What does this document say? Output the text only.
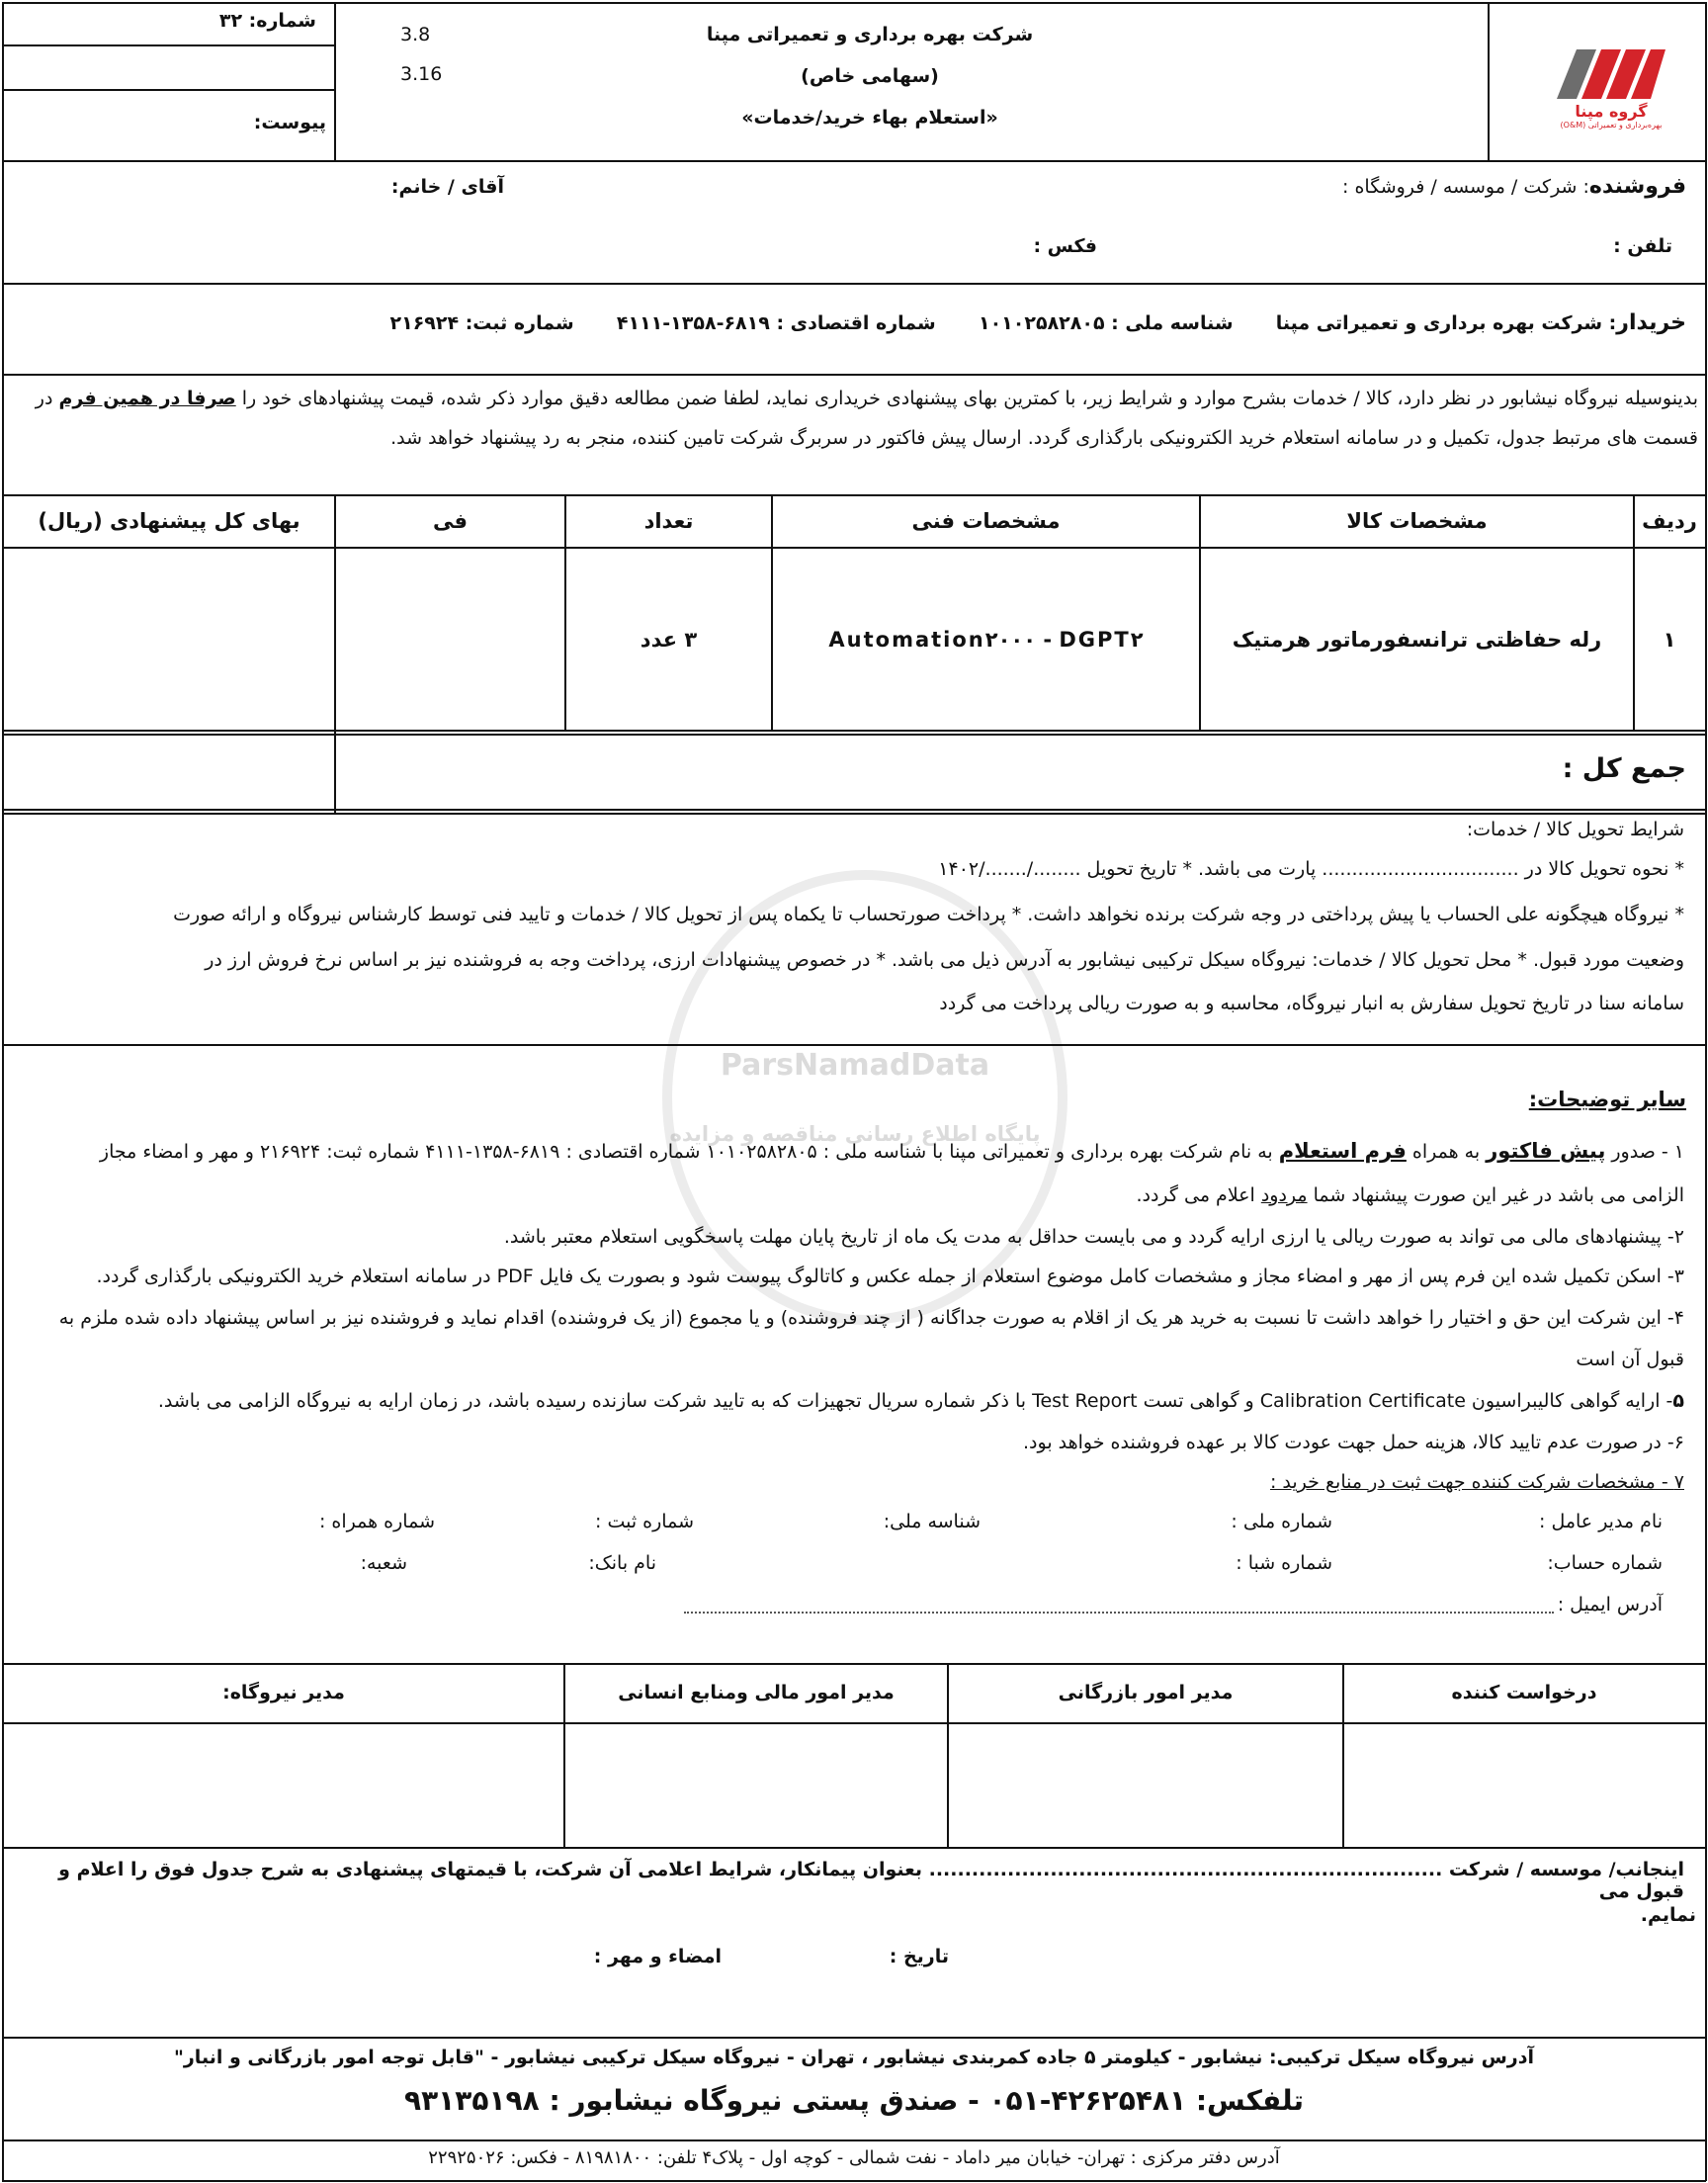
ParsNamadData
پایگاه اطلاع رسانی مناقصه و مزایده
شماره: ۳۲
پیوست:
3.8
3.16
شرکت بهره برداری و تعمیراتی مپنا
(سهامی خاص)
«استعلام بهاء خرید/خدمات»	گروه مپنا
بهره‌برداری و تعمیراتی (O&M)
فروشنده: شرکت / موسسه / فروشگاه :
آقای / خانم:
تلفن :
فکس :
خریدار: شرکت بهره برداری و تعمیراتی مپنا  شناسه ملی : ۱۰۱۰۲۵۸۲۸۰۵  شماره اقتصادی : ۶۸۱۹-۱۳۵۸-۴۱۱۱  شماره ثبت: ۲۱۶۹۲۴
بدینوسیله نیروگاه نیشابور در نظر دارد، کالا / خدمات بشرح موارد و شرایط زیر، با کمترین بهای پیشنهادی خریداری نماید، لطفا ضمن مطالعه دقیق موارد ذکر شده، قیمت پیشنهادهای خود را صرفا در همین فرم در
قسمت های مرتبط جدول، تکمیل و در سامانه استعلام خرید الکترونیکی بارگذاری گردد. ارسال پیش فاکتور در سربرگ شرکت تامین کننده، منجر به رد پیشنهاد خواهد شد.
ردیف
مشخصات کالا
مشخصات فنی
تعداد
فی
بهای کل پیشنهادی (ریال)
۱
رله حفاظتی ترانسفورماتور هرمتیک
Automation۲۰۰۰ - DGPT۲
۳ عدد
جمع کل :
شرایط تحویل کالا / خدمات:
* نحوه تحویل کالا در ................................. پارت می باشد. * تاریخ تحویل ......../......./۱۴۰۲
* نیروگاه هیچگونه علی الحساب یا پیش پرداختی در وجه شرکت برنده نخواهد داشت. * پرداخت صورتحساب تا یکماه پس از تحویل کالا / خدمات و تایید فنی توسط کارشناس نیروگاه و ارائه صورت
وضعیت مورد قبول. * محل تحویل کالا / خدمات: نیروگاه سیکل ترکیبی نیشابور به آدرس ذیل می باشد. * در خصوص پیشنهادات ارزی، پرداخت وجه به فروشنده نیز بر اساس نرخ فروش ارز در
سامانه سنا در تاریخ تحویل سفارش به انبار نیروگاه، محاسبه و به صورت ریالی پرداخت می گردد
سایر توضیحات:
۱ - صدور پیش فاکتور به همراه فرم استعلام به نام شرکت بهره برداری و تعمیراتی مپنا با شناسه ملی : ۱۰۱۰۲۵۸۲۸۰۵ شماره اقتصادی : ۶۸۱۹-۱۳۵۸-۴۱۱۱ شماره ثبت: ۲۱۶۹۲۴ و مهر و امضاء مجاز
الزامی می باشد در غیر این صورت پیشنهاد شما مردود اعلام می گردد.
۲- پیشنهادهای مالی می تواند به صورت ریالی یا ارزی ارایه گردد و می بایست حداقل به مدت یک ماه از تاریخ پایان مهلت پاسخگویی استعلام معتبر باشد.
۳- اسکن تکمیل شده این فرم پس از مهر و امضاء مجاز و مشخصات کامل موضوع استعلام از جمله عکس و کاتالوگ پیوست شود و بصورت یک فایل PDF در سامانه استعلام خرید الکترونیکی بارگذاری گردد.
۴- این شرکت این حق و اختیار را خواهد داشت تا نسبت به خرید هر یک از اقلام به صورت جداگانه ( از چند فروشنده) و یا مجموع (از یک فروشنده) اقدام نماید و فروشنده نیز بر اساس پیشنهاد داده شده ملزم به
قبول آن است
۵- ارایه گواهی کالیبراسیون Calibration Certificate و گواهی تست Test Report با ذکر شماره سریال تجهیزات که به تایید شرکت سازنده رسیده باشد، در زمان ارایه به نیروگاه الزامی می باشد.
۶- در صورت عدم تایید کالا، هزینه حمل جهت عودت کالا بر عهده فروشنده خواهد بود.
۷ - مشخصات شرکت کننده جهت ثبت در منابع خرید :
نام مدیر عامل :
شماره ملی :
شناسه ملی:
شماره ثبت :
شماره همراه :
شماره حساب:
شماره شبا :
نام بانک:
شعبه:
آدرس ایمیل :
درخواست کننده
مدیر امور بازرگانی
مدیر امور مالی ومنابع انسانی
مدیر نیروگاه:
اینجانب/ موسسه / شرکت ........................................................................ بعنوان پیمانکار، شرایط اعلامی آن شرکت، با قیمتهای پیشنهادی به شرح جدول فوق را اعلام و قبول می
نمایم.
تاریخ :
امضاء و مهر :
آدرس نیروگاه سیکل ترکیبی: نیشابور - کیلومتر ۵ جاده کمربندی نیشابور ، تهران - نیروگاه سیکل ترکیبی نیشابور - "قابل توجه امور بازرگانی و انبار"
تلفکس: ۴۲۶۲۵۴۸۱-۰۵۱ - صندق پستی نیروگاه نیشابور : ۹۳۱۳۵۱۹۸
آدرس دفتر مرکزی : تهران- خیابان میر داماد - نفت شمالی - کوچه اول - پلاک۴ تلفن: ۸۱۹۸۱۸۰۰ - فکس: ۲۲۹۲۵۰۲۶
